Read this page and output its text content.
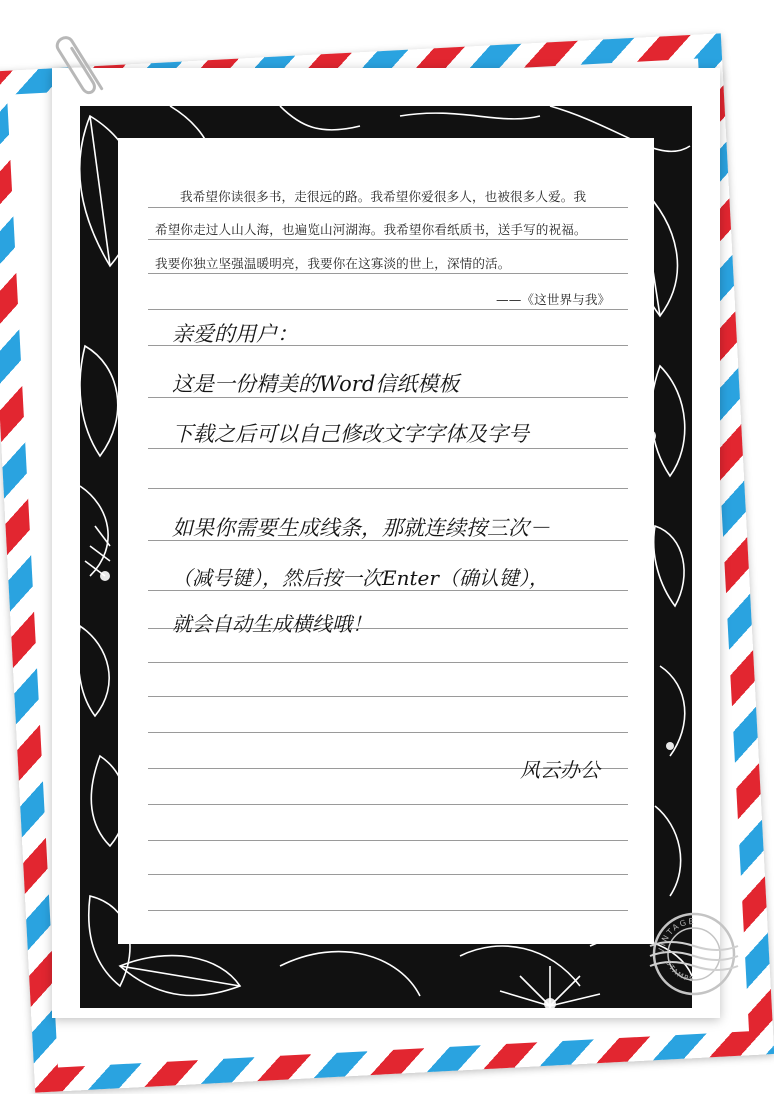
我希望你读很多书，走很远的路。我希望你爱很多人，也被很多人爱。我
希望你走过人山人海，也遍览山河湖海。我希望你看纸质书，送手写的祝福。
我要你独立坚强温暖明亮，我要你在这寡淡的世上，深情的活。
——《这世界与我》
亲爱的用户：
这是一份精美的Word信纸模板
下载之后可以自己修改文字字体及字号
如果你需要生成线条，那就连续按三次－
（减号键），然后按一次Enter（确认键），
就会自动生成横线哦！
风云办公
VINTAGE
STAMPS
